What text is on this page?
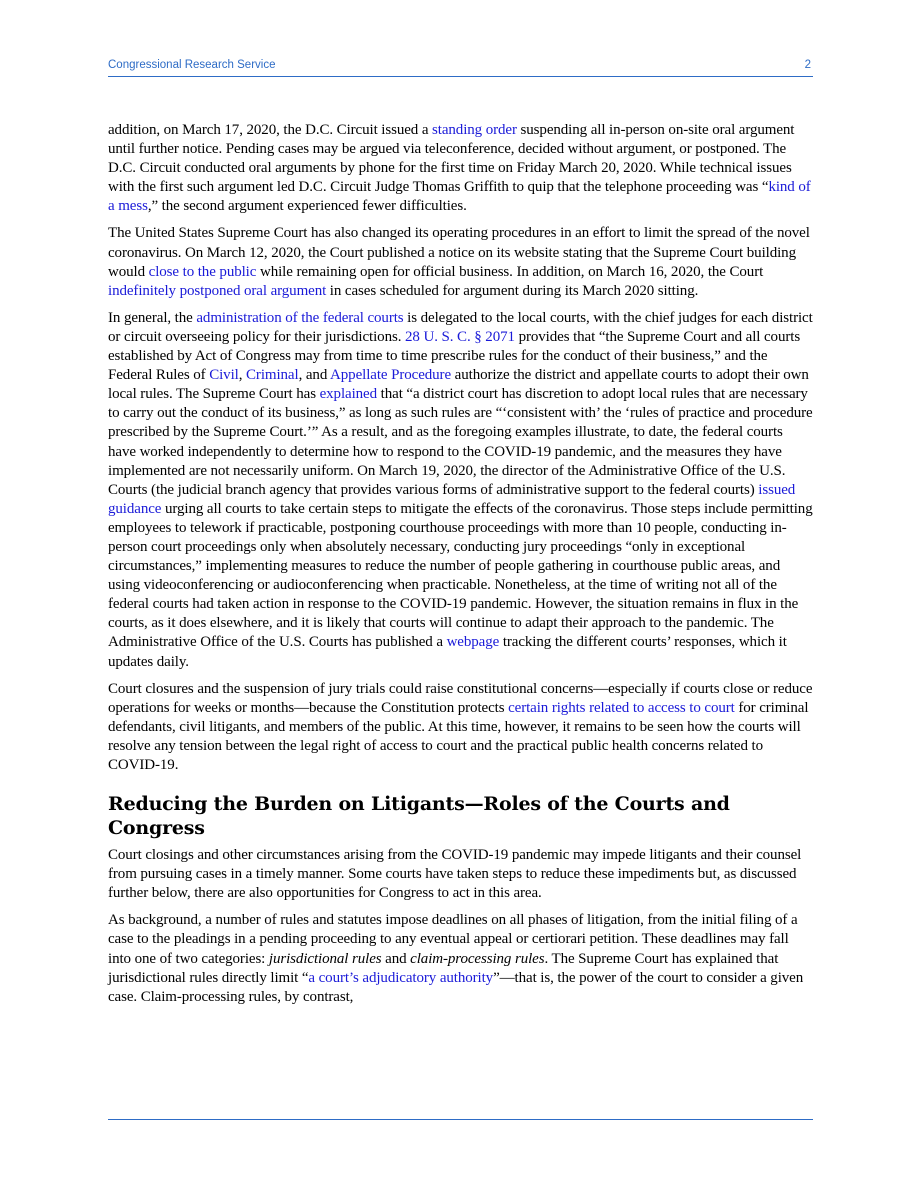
Congressional Research Service	2

addition, on March 17, 2020, the D.C. Circuit issued a standing order suspending all in-person on-site oral argument until further notice. Pending cases may be argued via teleconference, decided without argument, or postponed. The D.C. Circuit conducted oral arguments by phone for the first time on Friday March 20, 2020. While technical issues with the first such argument led D.C. Circuit Judge Thomas Griffith to quip that the telephone proceeding was “kind of a mess,” the second argument experienced fewer difficulties.

The United States Supreme Court has also changed its operating procedures in an effort to limit the spread of the novel coronavirus. On March 12, 2020, the Court published a notice on its website stating that the Supreme Court building would close to the public while remaining open for official business. In addition, on March 16, 2020, the Court indefinitely postponed oral argument in cases scheduled for argument during its March 2020 sitting.

In general, the administration of the federal courts is delegated to the local courts, with the chief judges for each district or circuit overseeing policy for their jurisdictions. 28 U. S. C. § 2071 provides that “the Supreme Court and all courts established by Act of Congress may from time to time prescribe rules for the conduct of their business,” and the Federal Rules of Civil, Criminal, and Appellate Procedure authorize the district and appellate courts to adopt their own local rules. The Supreme Court has explained that “a district court has discretion to adopt local rules that are necessary to carry out the conduct of its business,” as long as such rules are “‘consistent with’ the ‘rules of practice and procedure prescribed by the Supreme Court.’” As a result, and as the foregoing examples illustrate, to date, the federal courts have worked independently to determine how to respond to the COVID-19 pandemic, and the measures they have implemented are not necessarily uniform. On March 19, 2020, the director of the Administrative Office of the U.S. Courts (the judicial branch agency that provides various forms of administrative support to the federal courts) issued guidance urging all courts to take certain steps to mitigate the effects of the coronavirus. Those steps include permitting employees to telework if practicable, postponing courthouse proceedings with more than 10 people, conducting in-person court proceedings only when absolutely necessary, conducting jury proceedings “only in exceptional circumstances,” implementing measures to reduce the number of people gathering in courthouse public areas, and using videoconferencing or audioconferencing when practicable. Nonetheless, at the time of writing not all of the federal courts had taken action in response to the COVID-19 pandemic. However, the situation remains in flux in the courts, as it does elsewhere, and it is likely that courts will continue to adapt their approach to the pandemic. The Administrative Office of the U.S. Courts has published a webpage tracking the different courts’ responses, which it updates daily.

Court closures and the suspension of jury trials could raise constitutional concerns—especially if courts close or reduce operations for weeks or months—because the Constitution protects certain rights related to access to court for criminal defendants, civil litigants, and members of the public. At this time, however, it remains to be seen how the courts will resolve any tension between the legal right of access to court and the practical public health concerns related to COVID-19.

Reducing the Burden on Litigants—Roles of the Courts and Congress

Court closings and other circumstances arising from the COVID-19 pandemic may impede litigants and their counsel from pursuing cases in a timely manner. Some courts have taken steps to reduce these impediments but, as discussed further below, there are also opportunities for Congress to act in this area.

As background, a number of rules and statutes impose deadlines on all phases of litigation, from the initial filing of a case to the pleadings in a pending proceeding to any eventual appeal or certiorari petition. These deadlines may fall into one of two categories: jurisdictional rules and claim-processing rules. The Supreme Court has explained that jurisdictional rules directly limit “a court’s adjudicatory authority”—that is, the power of the court to consider a given case. Claim-processing rules, by contrast,
